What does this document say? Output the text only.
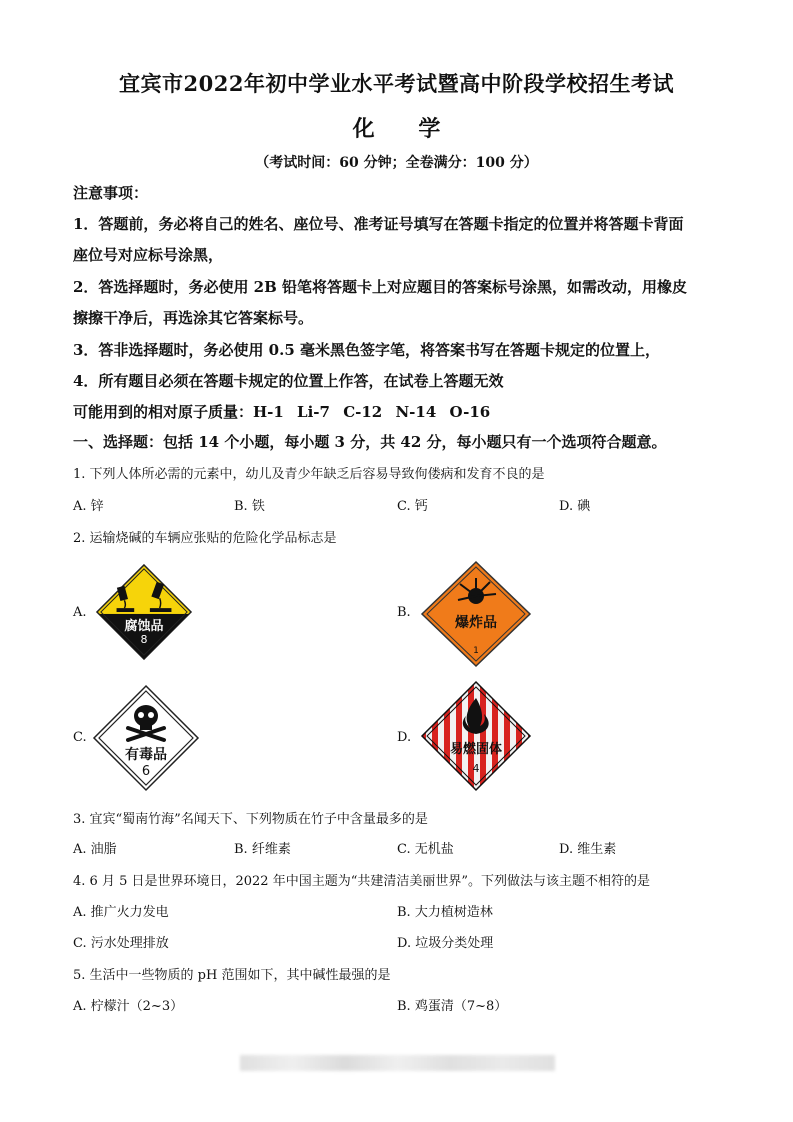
宜宾市2022年初中学业水平考试暨高中阶段学校招生考试
化 学
（考试时间：60 分钟；全卷满分：100 分）
注意事项：
1．答题前，务必将自己的姓名、座位号、准考证号填写在答题卡指定的位置并将答题卡背面
座位号对应标号涂黑，
2．答选择题时，务必使用 2B 铅笔将答题卡上对应题目的答案标号涂黑，如需改动，用橡皮
擦擦干净后，再选涂其它答案标号。
3．答非选择题时，务必使用 0.5 毫米黑色签字笔，将答案书写在答题卡规定的位置上，
4．所有题目必须在答题卡规定的位置上作答，在试卷上答题无效
可能用到的相对原子质量：H-1 Li-7 C-12 N-14 O-16
一、选择题：包括 14 个小题，每小题 3 分，共 42 分，每小题只有一个选项符合题意。
1. 下列人体所必需的元素中，幼儿及青少年缺乏后容易导致佝偻病和发育不良的是
A. 锌	B. 铁	C. 钙	D. 碘
2. 运输烧碱的车辆应张贴的危险化学品标志是
A.	B.
C.	D.
腐蚀品
8
爆炸品
1
有毒品
6
易燃固体
4
3. 宜宾“蜀南竹海”名闻天下、下列物质在竹子中含量最多的是
A. 油脂	B. 纤维素	C. 无机盐	D. 维生素
4. 6 月 5 日是世界环境日，2022 年中国主题为“共建清洁美丽世界”。下列做法与该主题不相符的是
A. 推广火力发电	B. 大力植树造林
C. 污水处理排放	D. 垃圾分类处理
5. 生活中一些物质的 pH 范围如下，其中碱性最强的是
A. 柠檬汁（2~3）	B. 鸡蛋清（7~8）
